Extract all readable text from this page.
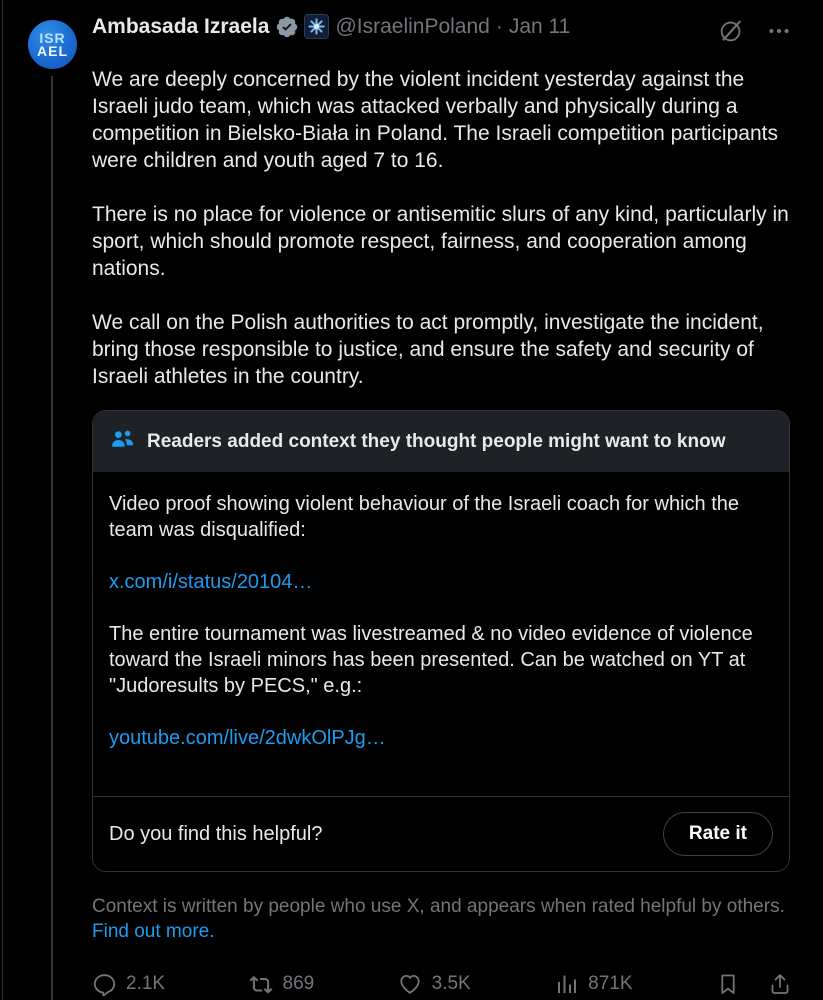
ISR
AEL
Ambasada Izraela	@IsraelinPoland · Jan 11

We are deeply concerned by the violent incident yesterday against the Israeli judo team, which was attacked verbally and physically during a competition in Bielsko-Biała in Poland. The Israeli competition participants were children and youth aged 7 to 16.

There is no place for violence or antisemitic slurs of any kind, particularly in sport, which should promote respect, fairness, and cooperation among nations.

We call on the Polish authorities to act promptly, investigate the incident, bring those responsible to justice, and ensure the safety and security of Israeli athletes in the country.

Readers added context they thought people might want to know
Video proof showing violent behaviour of the Israeli coach for which the team was disqualified:
x.com/i/status/20104…
The entire tournament was livestreamed & no video evidence of violence toward the Israeli minors has been presented. Can be watched on YT at "Judoresults by PECS," e.g.:
youtube.com/live/2dwkOlPJg…
Do you find this helpful?	Rate it
Context is written by people who use X, and appears when rated helpful by others.
Find out more.
2.1K	869	3.5K	871K
